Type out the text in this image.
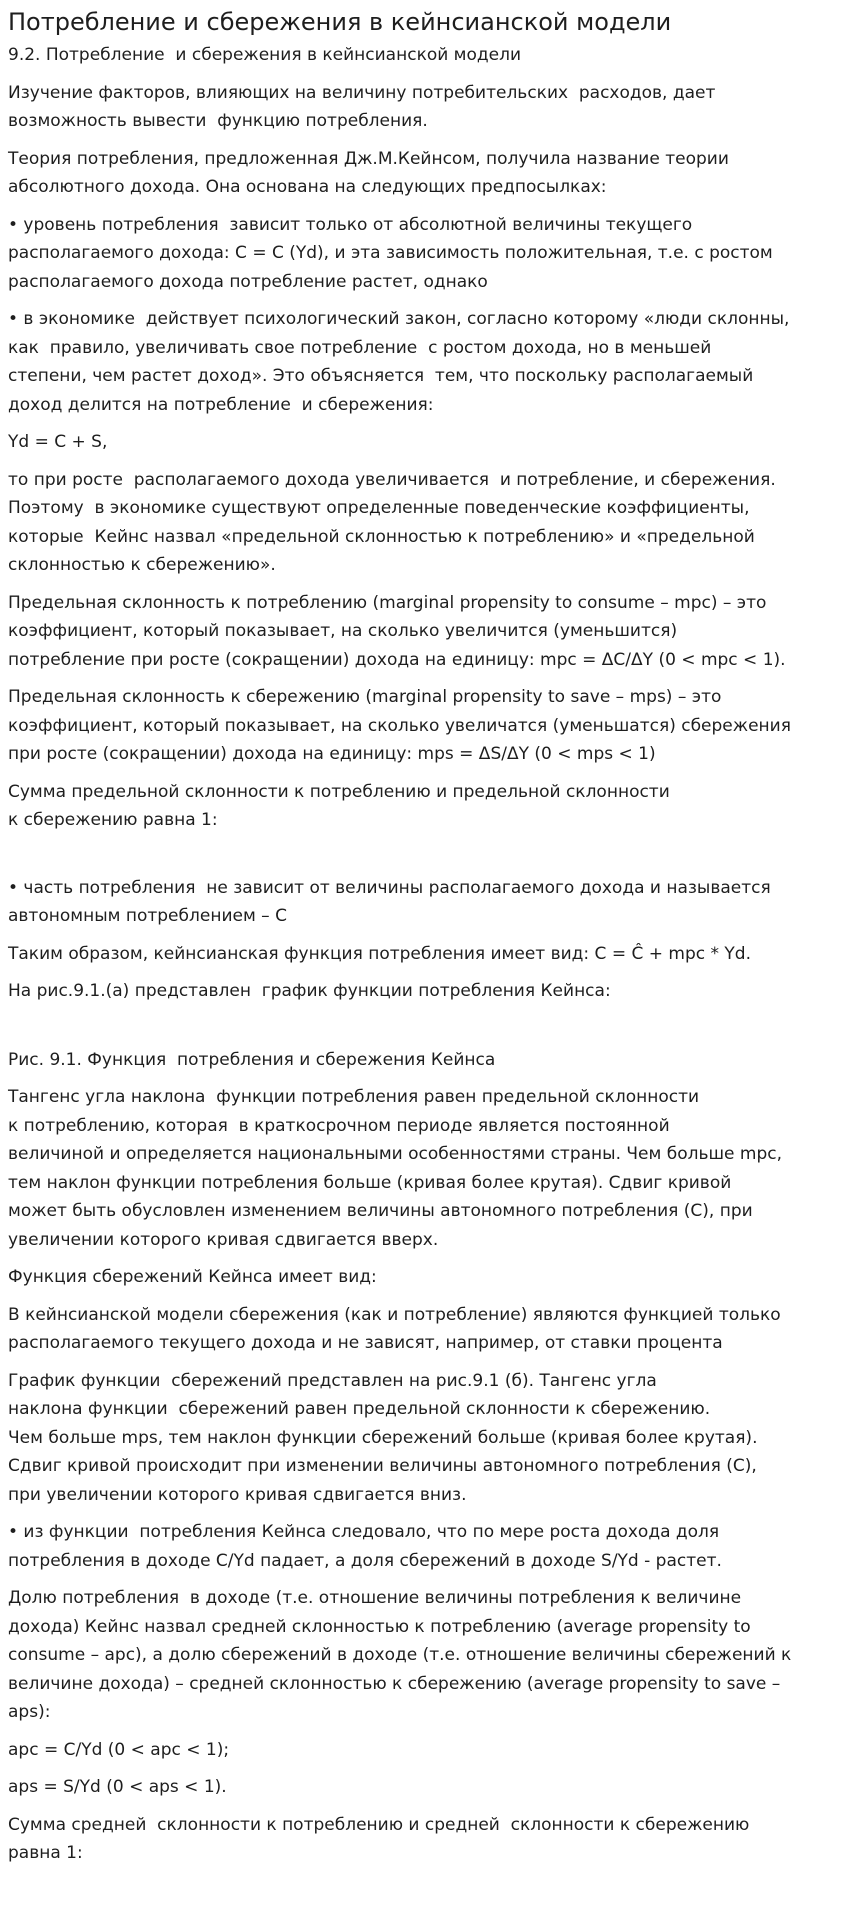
Потребление и сбережения в кейнсианской модели

9.2. Потребление  и сбережения в кейнсианской модели

Изучение факторов, влияющих на величину потребительских  расходов, дает
возможность вывести  функцию потребления.

Теория потребления, предложенная Дж.М.Кейнсом, получила название теории
абсолютного дохода. Она основана на следующих предпосылках:

• уровень потребления  зависит только от абсолютной величины текущего
располагаемого дохода: С = С (Yd), и эта зависимость положительная, т.е. с ростом
располагаемого дохода потребление растет, однако

• в экономике  действует психологический закон, согласно которому «люди склонны,
как  правило, увеличивать свое потребление  с ростом дохода, но в меньшей
степени, чем растет доход». Это объясняется  тем, что поскольку располагаемый
доход делится на потребление  и сбережения:

Yd = C + S,

то при росте  располагаемого дохода увеличивается  и потребление, и сбережения.
Поэтому  в экономике существуют определенные поведенческие коэффициенты,
которые  Кейнс назвал «предельной склонностью к потреблению» и «предельной
склонностью к сбережению».

Предельная склонность к потреблению (marginal propensity to consume – mpc) – это
коэффициент, который показывает, на сколько увеличится (уменьшится)
потребление при росте (сокращении) дохода на единицу: mpc = ΔC/ΔY (0 < mpc < 1).

Предельная склонность к сбережению (marginal propensity to save – mps) – это
коэффициент, который показывает, на сколько увеличатся (уменьшатся) сбережения
при росте (сокращении) дохода на единицу: mps = ΔS/ΔY (0 < mps < 1)

Сумма предельной склонности к потреблению и предельной склонности
к сбережению равна 1:

• часть потребления  не зависит от величины располагаемого дохода и называется
автономным потреблением – С

Таким образом, кейнсианская функция потребления имеет вид: С = Ĉ + mpc * Yd.

На рис.9.1.(а) представлен  график функции потребления Кейнса:

Рис. 9.1. Функция  потребления и сбережения Кейнса

Тангенс угла наклона  функции потребления равен предельной склонности
к потреблению, которая  в краткосрочном периоде является постоянной
величиной и определяется национальными особенностями страны. Чем больше mpc,
тем наклон функции потребления больше (кривая более крутая). Сдвиг кривой
может быть обусловлен изменением величины автономного потребления (С), при
увеличении которого кривая сдвигается вверх.

Функция сбережений Кейнса имеет вид:

В кейнсианской модели сбережения (как и потребление) являются функцией только
располагаемого текущего дохода и не зависят, например, от ставки процента

График функции  сбережений представлен на рис.9.1 (б). Тангенс угла
наклона функции  сбережений равен предельной склонности к сбережению.
Чем больше mps, тем наклон функции сбережений больше (кривая более крутая).
Сдвиг кривой происходит при изменении величины автономного потребления (С),
при увеличении которого кривая сдвигается вниз.

• из функции  потребления Кейнса следовало, что по мере роста дохода доля
потребления в доходе C/Yd падает, а доля сбережений в доходе S/Yd - растет.

Долю потребления  в доходе (т.е. отношение величины потребления к величине
дохода) Кейнс назвал средней склонностью к потреблению (average propensity to
consume – apc), а долю сбережений в доходе (т.е. отношение величины сбережений к
величине дохода) – средней склонностью к сбережению (average propensity to save –
aps):

apc = C/Yd (0 < apc < 1);

aps = S/Yd (0 < aps < 1).

Сумма средней  склонности к потреблению и средней  склонности к сбережению
равна 1:
